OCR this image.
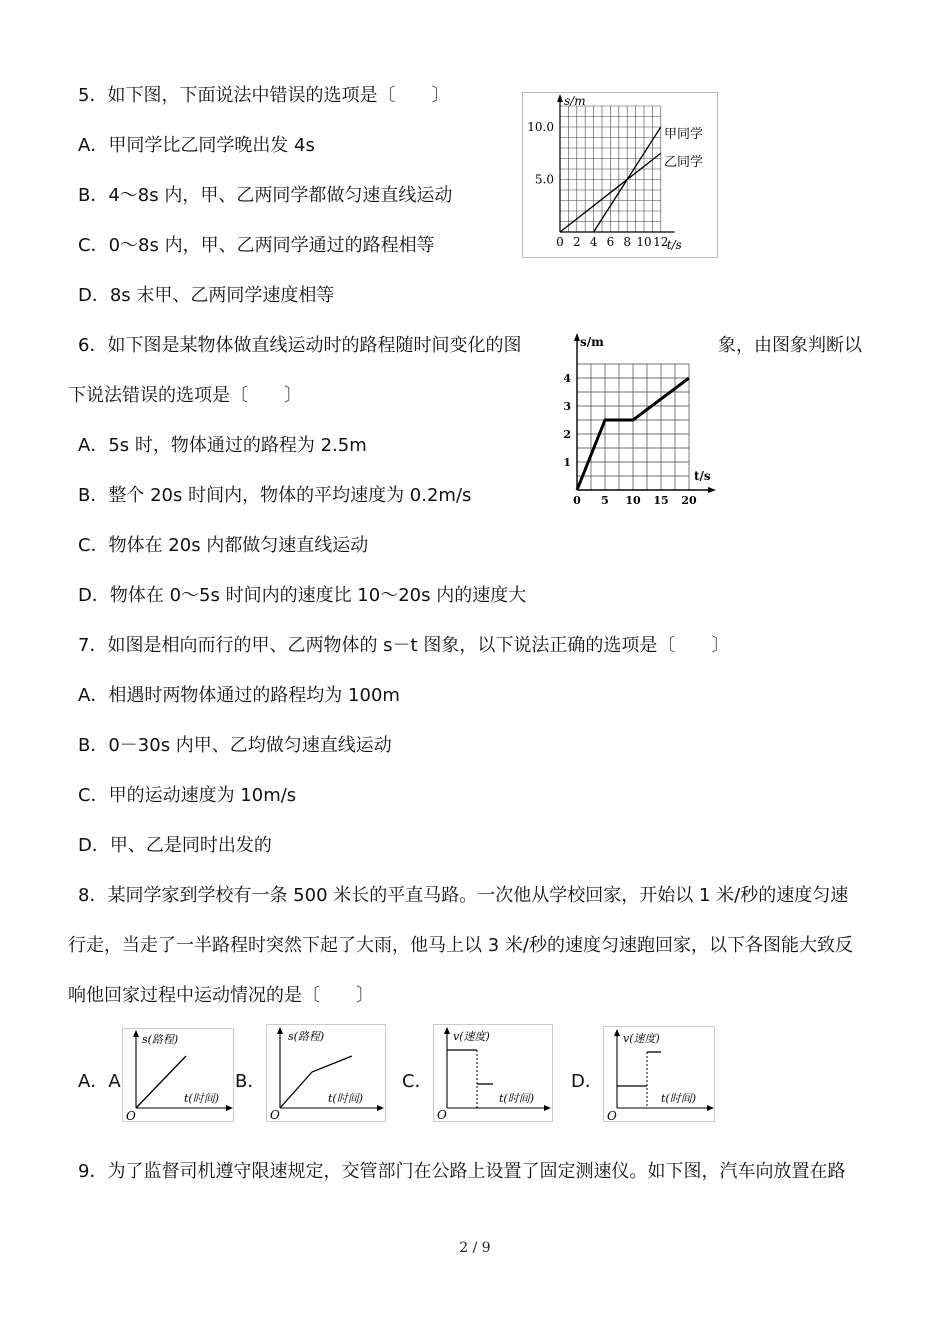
5．如下图，下面说法中错误的选项是〔　　〕
A．甲同学比乙同学晚出发 4s
B．4～8s 内，甲、乙两同学都做匀速直线运动
C．0～8s 内，甲、乙两同学通过的路程相等
D．8s 末甲、乙两同学速度相等
0 2 4 6 8 10 12
5.0
10.0
s/m
t/s
甲同学
乙同学
6．如下图是某物体做直线运动时的路程随时间变化的图	象，由图象判断以
下说法错误的选项是〔　　〕
A．5s 时，物体通过的路程为 2.5m
B．整个 20s 时间内，物体的平均速度为 0.2m/s
C．物体在 20s 内都做匀速直线运动
D．物体在 0～5s 时间内的速度比 10～20s 内的速度大
0 5 10 15 20
1
2
3
4
s/m
t/s
7．如图是相向而行的甲、乙两物体的 s－t 图象，以下说法正确的选项是〔　　〕
A．相遇时两物体通过的路程均为 100m
B．0－30s 内甲、乙均做匀速直线运动
C．甲的运动速度为 10m/s
D．甲、乙是同时出发的
8．某同学家到学校有一条 500 米长的平直马路。一次他从学校回家，开始以 1 米/秒的速度匀速
行走，当走了一半路程时突然下起了大雨，他马上以 3 米/秒的速度匀速跑回家，以下各图能大致反
响他回家过程中运动情况的是〔　　〕
A．A	B．	C．	D．
s(路程)
t(时间)
O
s(路程)
t(时间)
O
v(速度)
t(时间)
O
v(速度)
t(时间)
O
9．为了监督司机遵守限速规定，交管部门在公路上设置了固定测速仪。如下图，汽车向放置在路
2 / 9
